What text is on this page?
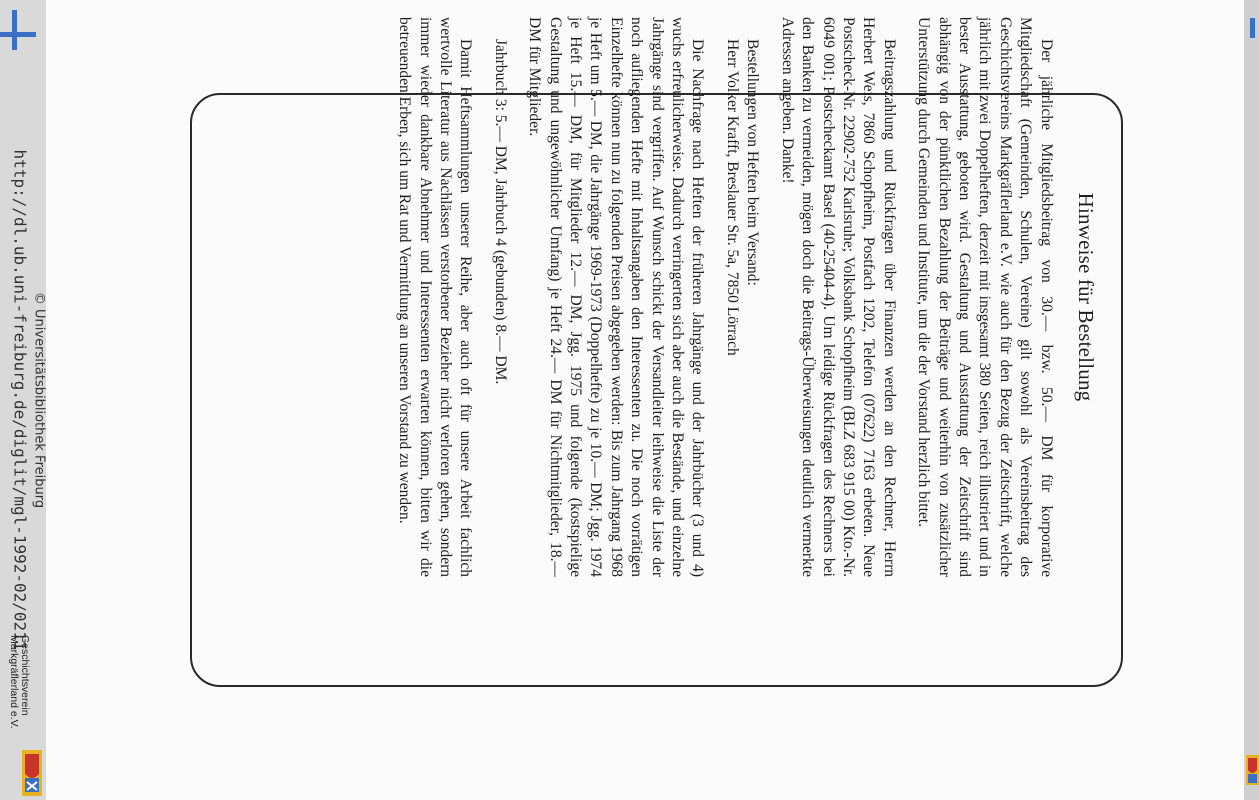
http://dl.ub.uni-freiburg.de/diglit/mgl-1992-02/0211 © Universitätsbibliothek Freiburg
Geschichtsverein
Markgräflerland e.V.
Hinweise für Bestellung

Der jährliche Mitgliedsbeitrag von 30.— bzw. 50.— DM für korporative Mitgliedschaft (Gemeinden, Schulen, Vereine) gilt sowohl als Vereinsbeitrag des Geschichtsvereins Markgräflerland e.V. wie auch für den Bezug der Zeitschrift, welche jährlich mit zwei Doppelheften, derzeit mit insgesamt 380 Seiten, reich illustriert und in bester Ausstattung, geboten wird. Gestaltung und Ausstattung der Zeitschrift sind abhängig von der pünktlichen Bezahlung der Beiträge und weiterhin von zusätzlicher Unterstützung durch Gemeinden und Institute, um die der Vorstand herzlich bittet.

Beitragszahlung und Rückfragen über Finanzen werden an den Rechner, Herrn Herbert Weis, 7860 Schopfheim, Postfach 1202, Telefon (07622) 7163 erbeten. Neue Postscheck-Nr. 22902-752 Karlsruhe; Volksbank Schopfheim (BLZ 683 915 00) Kto.-Nr. 6049 001; Postscheckamt Basel (40-25404-4). Um leidige Rückfragen des Rechners bei den Banken zu vermeiden, mögen doch die Beitrags-Überweisungen deutlich vermerkte Adressen angeben. Danke!

Bestellungen von Heften beim Versand:
Herr Volker Krafft, Breslauer Str. 5a, 7850 Lörrach

Die Nachfrage nach Heften der früheren Jahrgänge und der Jahrbücher (3 und 4) wuchs erfreulicherweise. Dadurch verringerten sich aber auch die Bestände, und einzelne Jahrgänge sind vergriffen. Auf Wunsch schickt der Versandleiter leihweise die Liste der noch aufliegenden Hefte mit Inhaltsangaben den Interessenten zu. Die noch vorrätigen Einzelhefte können nun zu folgenden Preisen abgegeben werden: Bis zum Jahrgang 1968 je Heft um 5.— DM, die Jahrgänge 1969-1973 (Doppelhefte) zu je 10.— DM; Jgg. 1974 je Heft 15.— DM, für Mitglieder 12.— DM, Jgg. 1975 und folgende (kostspielige Gestaltung und ungewöhnlicher Umfang) je Heft 24.— DM für Nichtmitglieder, 18.— DM für Mitglieder.

Jahrbuch 3: 5.— DM, Jahrbuch 4 (gebunden) 8.— DM.

Damit Heftsammlungen unserer Reihe, aber auch oft für unsere Arbeit fachlich wertvolle Literatur aus Nachlässen verstorbener Bezieher nicht verloren gehen, sondern immer wieder dankbare Abnehmer und Interessenten erwarten können, bitten wir die betreuenden Erben, sich um Rat und Vermittlung an unseren Vorstand zu wenden.
